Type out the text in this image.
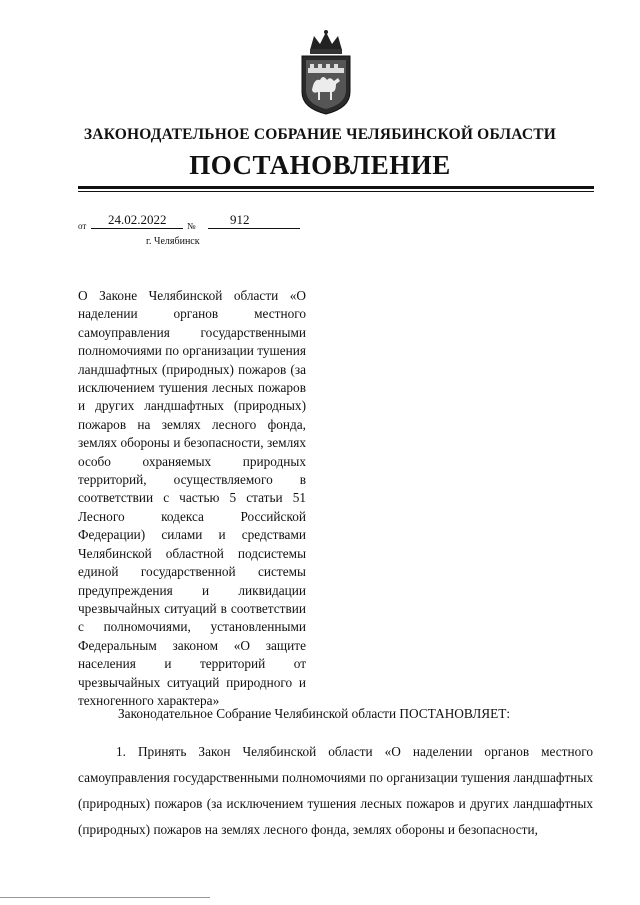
ЗАКОНОДАТЕЛЬНОЕ СОБРАНИЕ ЧЕЛЯБИНСКОЙ ОБЛАСТИ
ПОСТАНОВЛЕНИЕ
от 24.02.2022 №	912
г. Челябинск
О Законе Челябинской области «О наделении органов местного самоуправления государственными полномочиями по организации тушения ландшафтных (природных) пожаров (за исключением тушения лесных пожаров и других ландшафтных (природных) пожаров на землях лесного фонда, землях обороны и безопасности, землях особо охраняемых природных территорий, осуществляемого в соответствии с частью 5 статьи 51 Лесного кодекса Российской Федерации) силами и средствами Челябинской областной подсистемы единой государственной системы предупреждения и ликвидации чрезвычайных ситуаций в соответствии с полномочиями, установленными Федеральным законом «О защите населения и территорий от чрезвычайных ситуаций природного и техногенного характера»
Законодательное Собрание Челябинской области ПОСТАНОВЛЯЕТ:
1. Принять Закон Челябинской области «О наделении органов местного самоуправления государственными полномочиями по организации тушения ландшафтных (природных) пожаров (за исключением тушения лесных пожаров и других ландшафтных (природных) пожаров на землях лесного фонда, землях обороны и безопасности,
